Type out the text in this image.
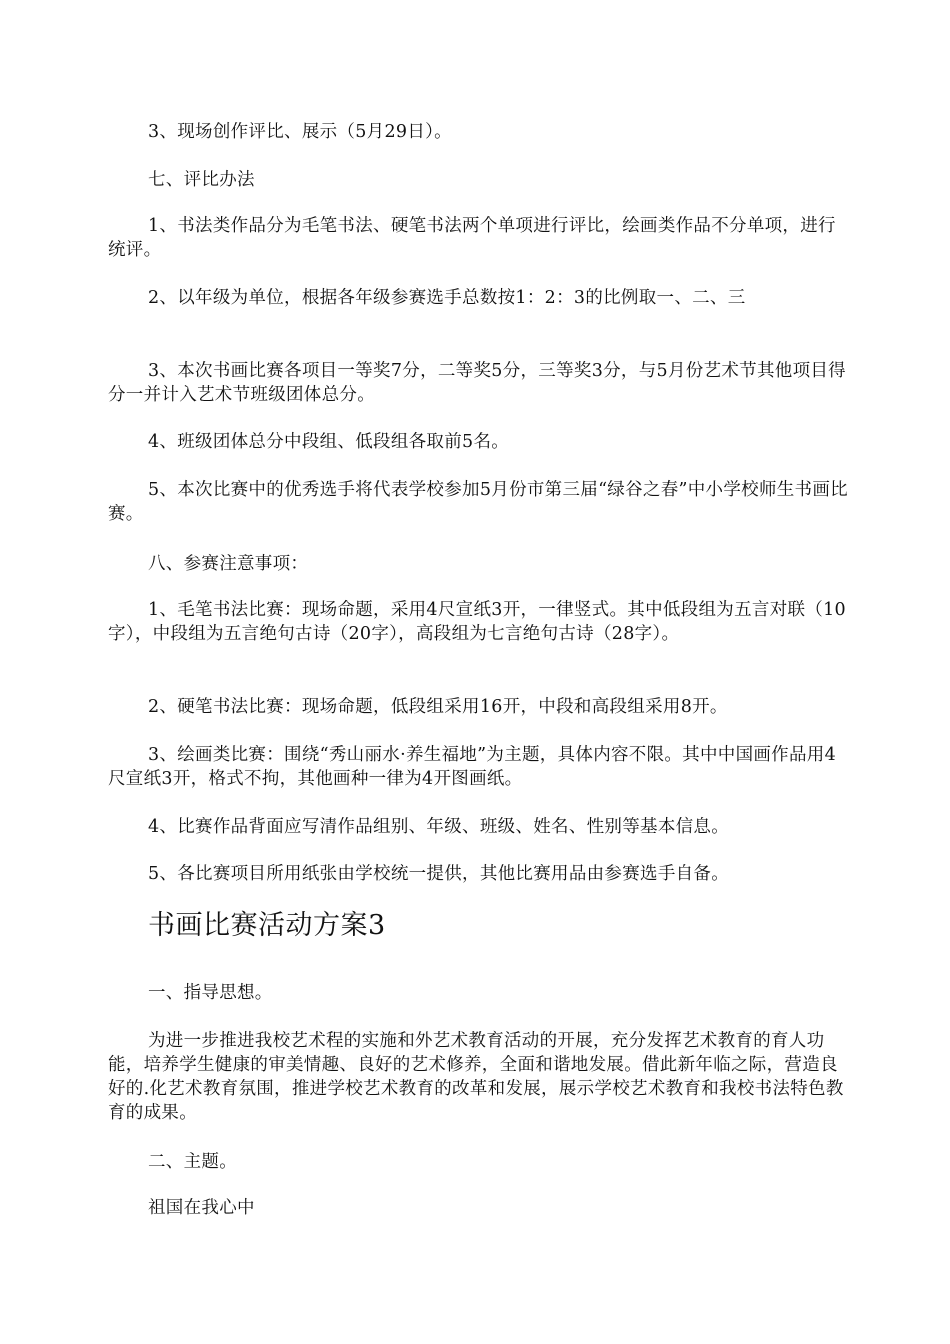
3、现场创作评比、展示（5月29日）。

七、评比办法

1、书法类作品分为毛笔书法、硬笔书法两个单项进行评比，绘画类作品不分单项，进行统评。

2、以年级为单位，根据各年级参赛选手总数按1：2：3的比例取一、二、三

3、本次书画比赛各项目一等奖7分，二等奖5分，三等奖3分，与5月份艺术节其他项目得分一并计入艺术节班级团体总分。

4、班级团体总分中段组、低段组各取前5名。

5、本次比赛中的优秀选手将代表学校参加5月份市第三届“绿谷之春”中小学校师生书画比赛。

八、参赛注意事项：

1、毛笔书法比赛：现场命题，采用4尺宣纸3开，一律竖式。其中低段组为五言对联（10字），中段组为五言绝句古诗（20字），高段组为七言绝句古诗（28字）。

2、硬笔书法比赛：现场命题，低段组采用16开，中段和高段组采用8开。

3、绘画类比赛：围绕“秀山丽水·养生福地”为主题，具体内容不限。其中中国画作品用4尺宣纸3开，格式不拘，其他画种一律为4开图画纸。

4、比赛作品背面应写清作品组别、年级、班级、姓名、性别等基本信息。

5、各比赛项目所用纸张由学校统一提供，其他比赛用品由参赛选手自备。

书画比赛活动方案3

一、指导思想。

为进一步推进我校艺术程的实施和外艺术教育活动的开展，充分发挥艺术教育的育人功能，培养学生健康的审美情趣、良好的艺术修养，全面和谐地发展。借此新年临之际，营造良好的.化艺术教育氛围，推进学校艺术教育的改革和发展，展示学校艺术教育和我校书法特色教育的成果。

二、主题。

祖国在我心中
